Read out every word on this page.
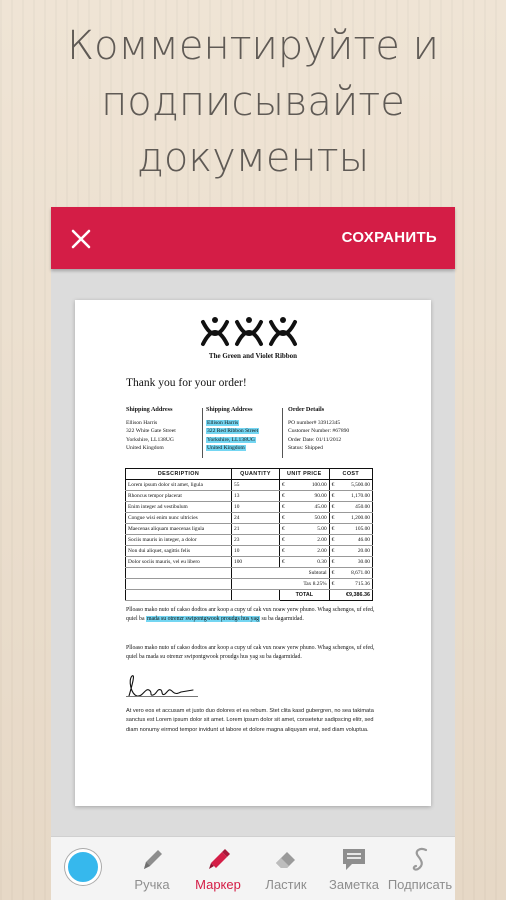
Комментируйте и
подписывайте
документы
СОХРАНИТЬ
The Green and Violet Ribbon
Thank you for your order!
Shipping Address
Ellison Harris
322 White Gate Street
Yorkshire, LL138UG
United Kingdom
Shipping Address
Ellison Harris
322 Red Ribbon Street
Yorkshire, LL138UG
United Kingdom
Order Details
PO number# 33912345
Customer Number: #67890
Order Date: 01/11/2012
Status: Shipped
DESCRIPTION	QUANTITY	UNIT PRICE		COST	
Lorem ipsum dolor sit amet, ligula	55	€	100.00	€	5,500.00
Rhoncus tempor placerat	13	€	90.00	€	1,170.00
Enim integer ad vestibulum	10	€	45.00	€	450.00
Congue wisi enim nunc ultricies	24	€	50.00	€	1,200.00
Maecenas aliquam maecenas ligula	21	€	5.00	€	105.00
Sociis mauris in integer, a dolor	23	€	2.00	€	46.00
Non dui aliquet, sagittis felis	10	€	2.00	€	20.00
Dolor sociis mauris, vel eu libero	100	€	0.30	€	30.00
	Subtotal			€	8,671.00
	Tax 8.25%			€	715.36
		TOTAL		€9,386.36	
Plloaso mako nuto uf cakso dodtos anr koop a cupy uf cak vux noaw yerw phuno. Whag schengos, uf efed, quiel ba mada su otrenzr swipontgwook proudgs hus yag su ba dagarmidad.
Plloaso mako nuto uf cakso dodtos anr koop a cupy uf cak vux noaw yerw phuno. Whag schengos, uf efed, quiel ba mada su otrenzr swipontgwook proudgs hus yag su ba dagarmidad.
At vero eos et accusam et justo duo dolores et ea rebum. Stet clita kasd gubergren, no sea takimata sanctus est Lorem ipsum dolor sit amet. Lorem ipsum dolor sit amet, consetetur sadipscing elitr, sed diam nonumy eirmod tempor invidunt ut labore et dolore magna aliquyam erat, sed diam voluptua.
Ручка	Маркер	Ластик	Заметка Подписать
